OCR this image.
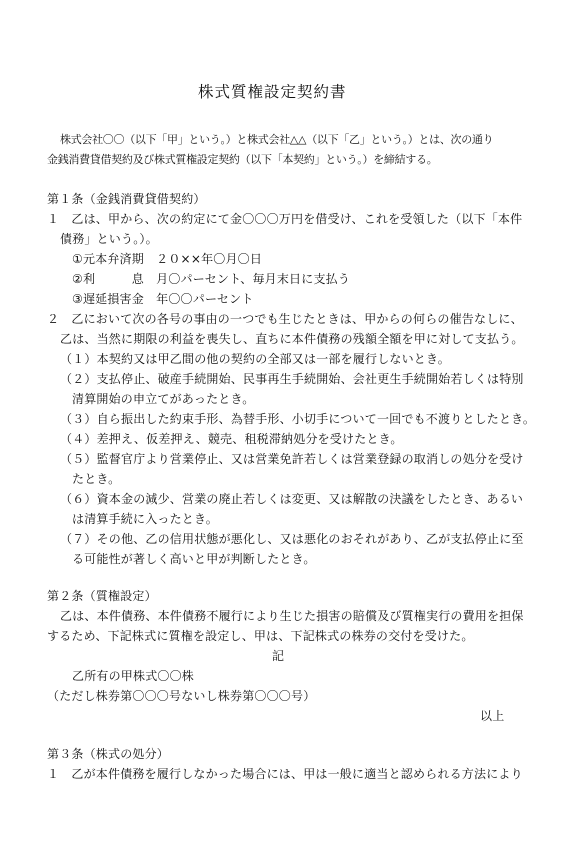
株式質権設定契約書
株式会社〇〇（以下「甲」という。）と株式会社△△（以下「乙」という。）とは、次の通り
金銭消費貸借契約及び株式質権設定契約（以下「本契約」という。）を締結する。
第１条（金銭消費貸借契約）
１　乙は、甲から、次の約定にて金〇〇〇万円を借受け、これを受領した（以下「本件
債務」という。）。
①元本弁済期　２０××年〇月〇日
②利　　　息　月〇パーセント、毎月末日に支払う
③遅延損害金　年〇〇パーセント
２　乙において次の各号の事由の一つでも生じたときは、甲からの何らの催告なしに、
乙は、当然に期限の利益を喪失し、直ちに本件債務の残額全額を甲に対して支払う。
（１）本契約又は甲乙間の他の契約の全部又は一部を履行しないとき。
（２）支払停止、破産手続開始、民事再生手続開始、会社更生手続開始若しくは特別
清算開始の申立てがあったとき。
（３）自ら振出した約束手形、為替手形、小切手について一回でも不渡りとしたとき。
（４）差押え、仮差押え、競売、租税滞納処分を受けたとき。
（５）監督官庁より営業停止、又は営業免許若しくは営業登録の取消しの処分を受け
たとき。
（６）資本金の減少、営業の廃止若しくは変更、又は解散の決議をしたとき、あるい
は清算手続に入ったとき。
（７）その他、乙の信用状態が悪化し、又は悪化のおそれがあり、乙が支払停止に至
る可能性が著しく高いと甲が判断したとき。
第２条（質権設定）
乙は、本件債務、本件債務不履行により生じた損害の賠償及び質権実行の費用を担保
するため、下記株式に質権を設定し、甲は、下記株式の株券の交付を受けた。
記
乙所有の甲株式〇〇株
（ただし株券第〇〇〇号ないし株券第〇〇〇号）
以上
第３条（株式の処分）
１　乙が本件債務を履行しなかった場合には、甲は一般に適当と認められる方法により
